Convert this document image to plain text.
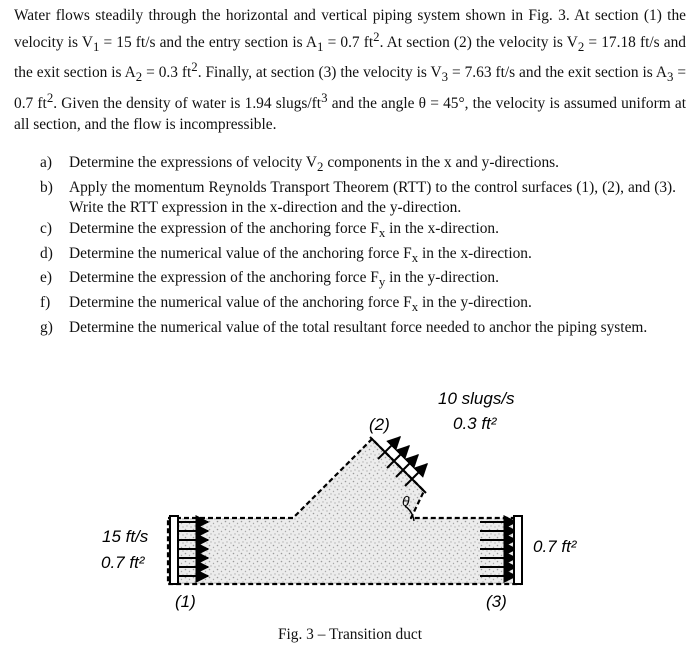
Water flows steadily through the horizontal and vertical piping system shown in Fig. 3. At section (1) the velocity is $V_1 = 15$ ft/s and the entry section is $A_1 = 0.7$ $ft^2$. At section (2) the velocity is $V_2 = 17.18$ ft/s and the exit section is $A_2 = 0.3$ $ft^2$. Finally, at section (3) the velocity is $V_3 = 7.63$ ft/s and the exit section is $A_3 = 0.7$ $ft^2$. Given the density of water is 1.94 slugs/$ft^3$ and the angle θ = 45°, the velocity is assumed uniform at all section, and the flow is incompressible.
a) Determine the expressions of velocity $V_2$ components in the x and y-directions.
b) Apply the momentum Reynolds Transport Theorem (RTT) to the control surfaces (1), (2), and (3). Write the RTT expression in the x-direction and the y-direction.
c) Determine the expression of the anchoring force $F_x$ in the x-direction.
d) Determine the numerical value of the anchoring force $F_x$ in the x-direction.
e) Determine the expression of the anchoring force $F_y$ in the y-direction.
f) Determine the numerical value of the anchoring force $F_x$ in the y-direction.
g) Determine the numerical value of the total resultant force needed to anchor the piping system.
θ
15 ft/s
0.7 ft²
10 slugs/s
0.3 ft²
0.7 ft²
(1)
(2)
(3)
Fig. 3 – Transition duct
